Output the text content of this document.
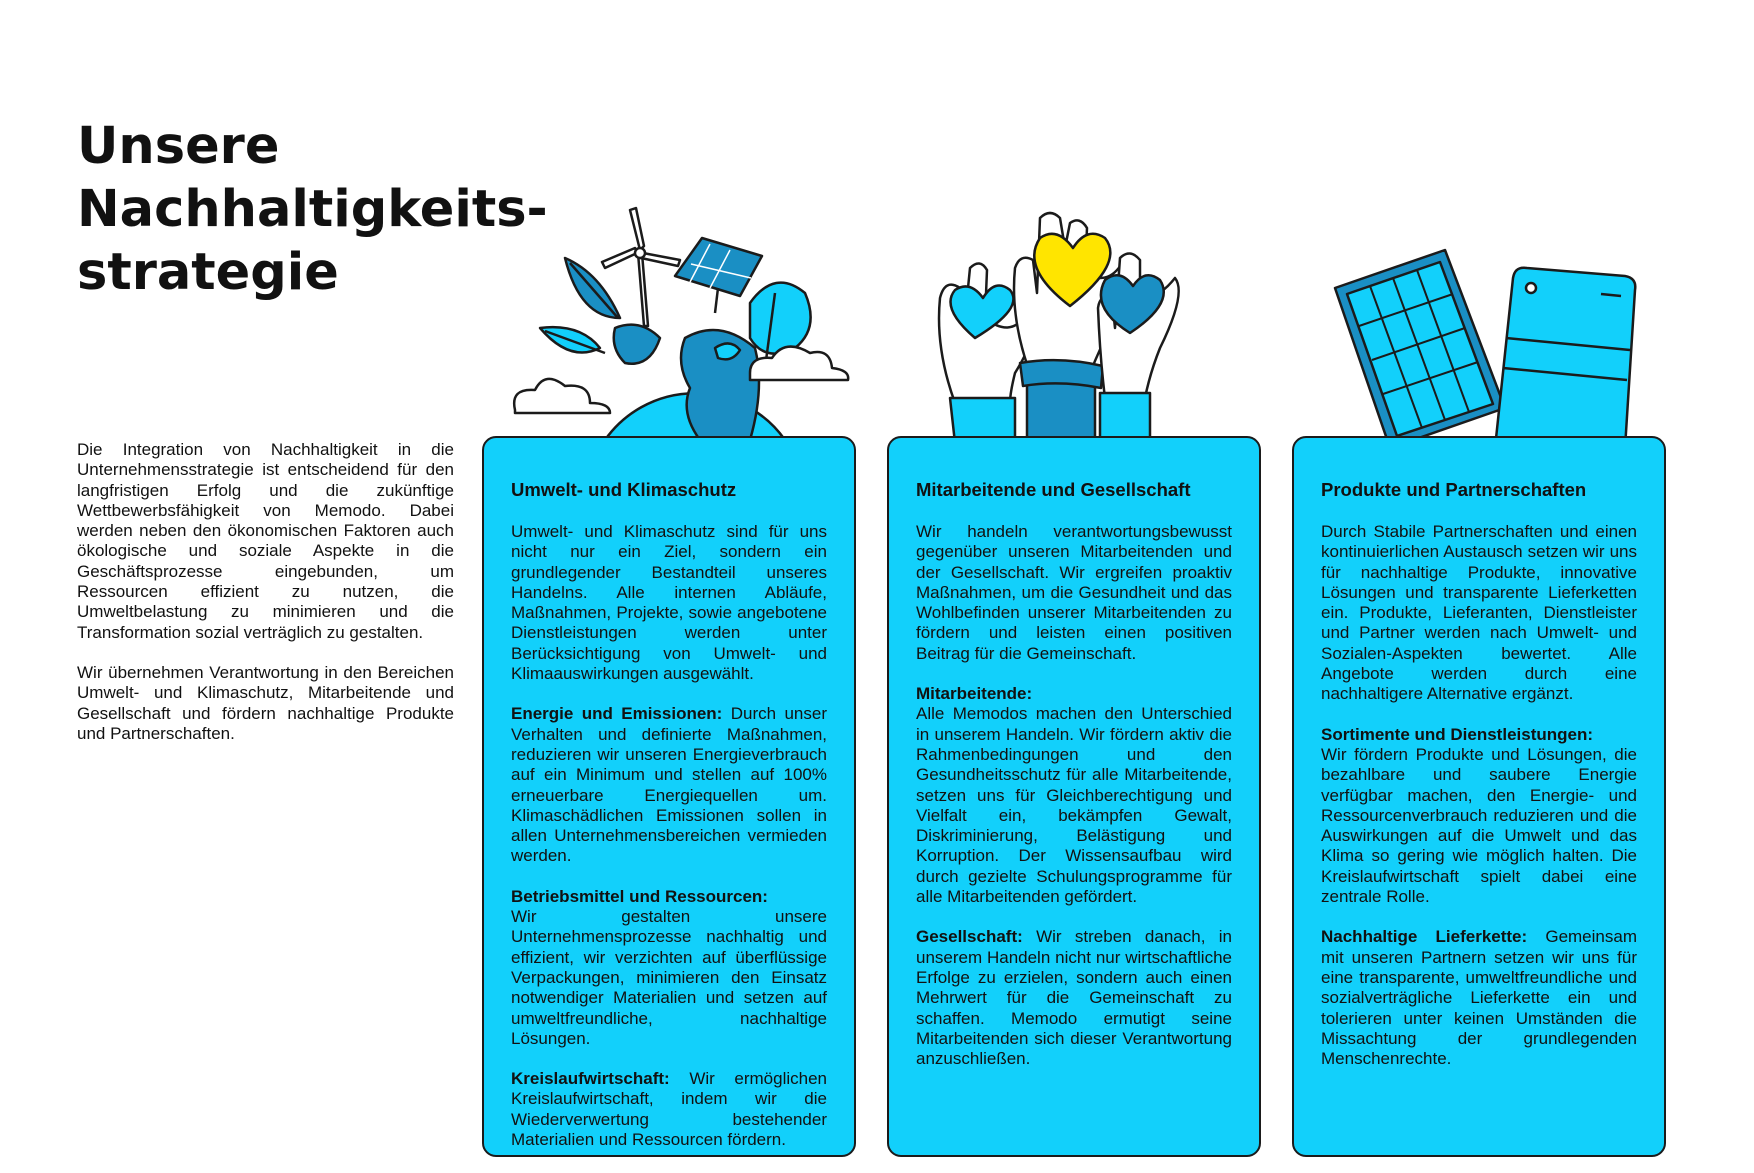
Unsere
Nachhaltigkeits-
strategie

Die Integration von Nachhaltigkeit in die Unternehmensstrategie ist entscheidend für den langfristigen Erfolg und die zukünftige Wettbewerbsfähigkeit von Memodo. Dabei werden neben den ökonomischen Faktoren auch ökologische und soziale Aspekte in die Geschäftsprozesse eingebunden, um Ressourcen effizient zu nutzen, die Umweltbelastung zu minimieren und die Transformation sozial verträglich zu gestalten.

Wir übernehmen Verantwortung in den Bereichen Umwelt- und Klimaschutz, Mitarbeitende und Gesellschaft und fördern nachhaltige Produkte und Partnerschaften.

Umwelt- und Klimaschutz

Umwelt- und Klimaschutz sind für uns nicht nur ein Ziel, sondern ein grundlegender Bestandteil unseres Handelns. Alle internen Abläufe, Maßnahmen, Projekte, sowie angebotene Dienstleistungen werden unter Berücksichtigung von Umwelt- und Klimaauswirkungen ausgewählt.

Energie und Emissionen: Durch unser Verhalten und definierte Maßnahmen, reduzieren wir unseren Energieverbrauch auf ein Minimum und stellen auf 100% erneuerbare Energiequellen um. Klimaschädlichen Emissionen sollen in allen Unternehmensbereichen vermieden werden.

Betriebsmittel und Ressourcen:
Wir gestalten unsere Unternehmensprozesse nachhaltig und effizient, wir verzichten auf überflüssige Verpackungen, minimieren den Einsatz notwendiger Materialien und setzen auf umweltfreundliche, nachhaltige Lösungen.

Kreislaufwirtschaft: Wir ermöglichen Kreislaufwirtschaft, indem wir die Wiederverwertung bestehender Materialien und Ressourcen fördern.

Mitarbeitende und Gesellschaft

Wir handeln verantwortungsbewusst gegenüber unseren Mitarbeitenden und der Gesellschaft. Wir ergreifen proaktiv Maßnahmen, um die Gesundheit und das Wohlbefinden unserer Mitarbeitenden zu fördern und leisten einen positiven Beitrag für die Gemeinschaft.

Mitarbeitende:
Alle Memodos machen den Unterschied in unserem Handeln. Wir fördern aktiv die Rahmenbedingungen und den Gesundheitsschutz für alle Mitarbeitende, setzen uns für Gleichberechtigung und Vielfalt ein, bekämpfen Gewalt, Diskriminierung, Belästigung und Korruption. Der Wissensaufbau wird durch gezielte Schulungsprogramme für alle Mitarbeitenden gefördert.

Gesellschaft: Wir streben danach, in unserem Handeln nicht nur wirtschaftliche Erfolge zu erzielen, sondern auch einen Mehrwert für die Gemeinschaft zu schaffen. Memodo ermutigt seine Mitarbeitenden sich dieser Verantwortung anzuschließen.

Produkte und Partnerschaften

Durch Stabile Partnerschaften und einen kontinuierlichen Austausch setzen wir uns für nachhaltige Produkte, innovative Lösungen und transparente Lieferketten ein. Produkte, Lieferanten, Dienstleister und Partner werden nach Umwelt- und Sozialen-Aspekten bewertet. Alle Angebote werden durch eine nachhaltigere Alternative ergänzt.

Sortimente und Dienstleistungen:
Wir fördern Produkte und Lösungen, die bezahlbare und saubere Energie verfügbar machen, den Energie- und Ressourcenverbrauch reduzieren und die Auswirkungen auf die Umwelt und das Klima so gering wie möglich halten. Die Kreislaufwirtschaft spielt dabei eine zentrale Rolle.

Nachhaltige Lieferkette: Gemeinsam mit unseren Partnern setzen wir uns für eine transparente, umweltfreundliche und sozialverträgliche Lieferkette ein und tolerieren unter keinen Umständen die Missachtung der grundlegenden Menschenrechte.
